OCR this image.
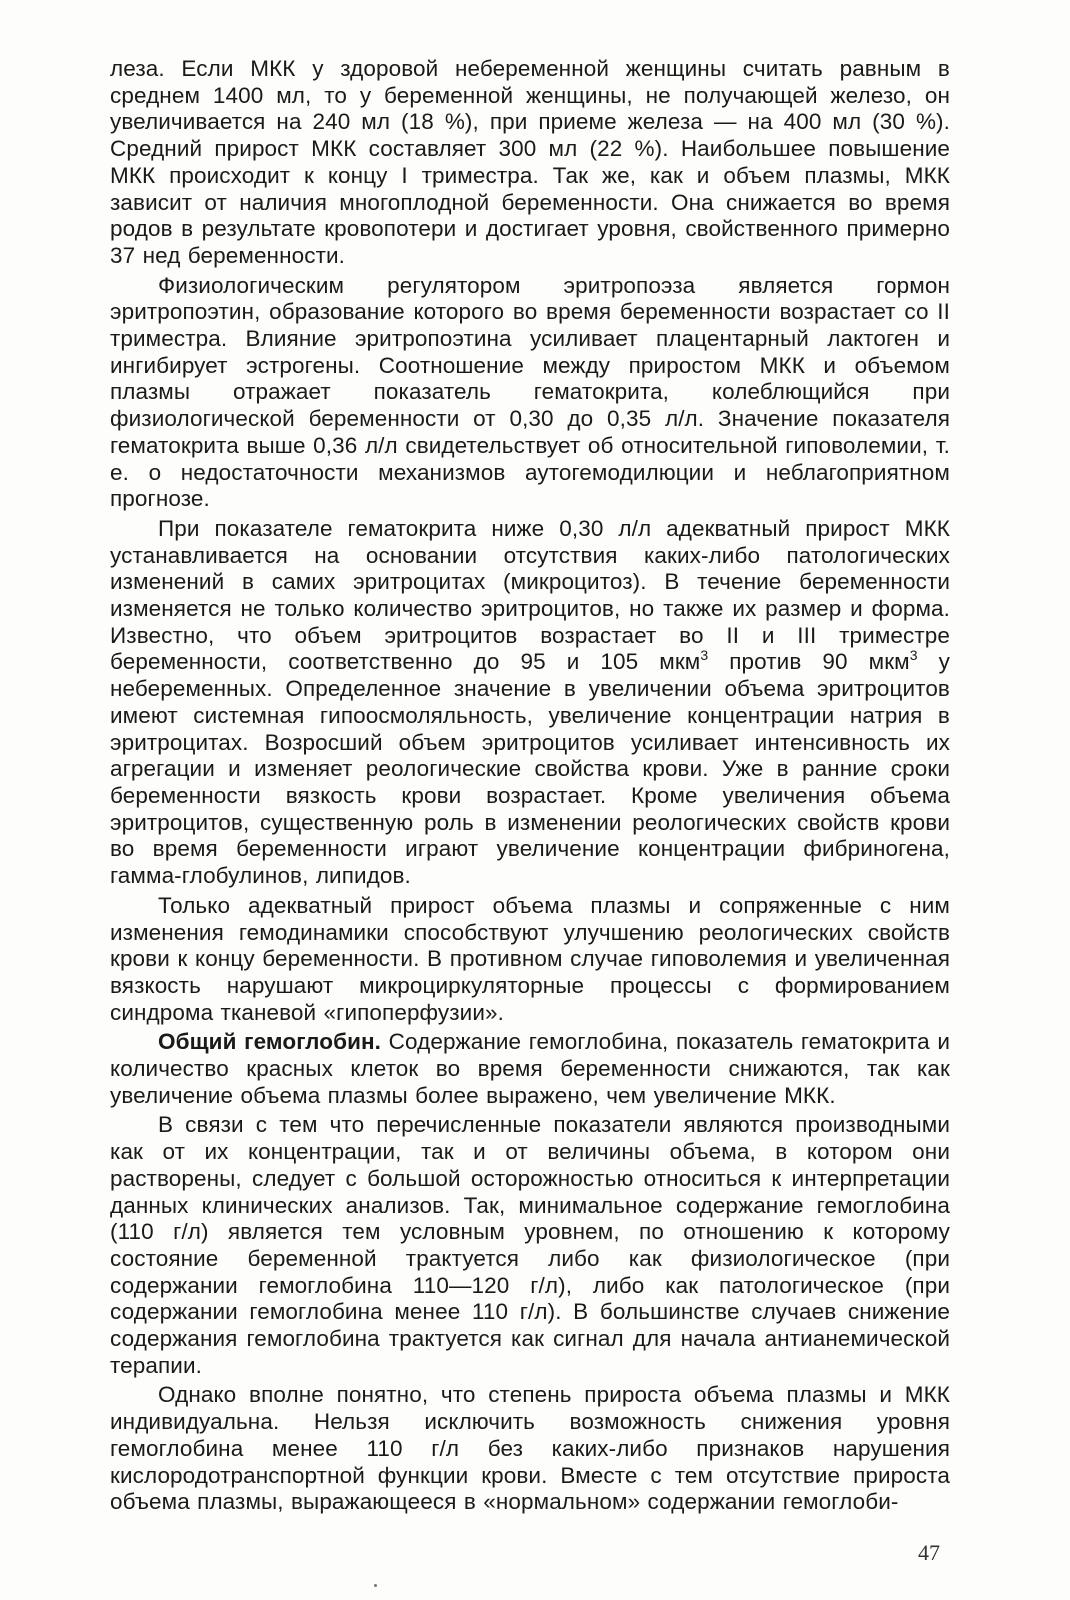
леза. Если МКК у здоровой небеременной женщины считать равным в среднем 1400 мл, то у беременной женщины, не получающей железо, он увеличивается на 240 мл (18 %), при приеме железа — на 400 мл (30 %). Средний прирост МКК составляет 300 мл (22 %). Наибольшее повышение МКК происходит к концу I триместра. Так же, как и объем плазмы, МКК зависит от наличия многоплодной беременности. Она снижается во время родов в результате кровопотери и достигает уровня, свойственного примерно 37 нед беременности.

Физиологическим регулятором эритропоэза является гормон эритропоэтин, образование которого во время беременности возрастает со II триместра. Влияние эритропоэтина усиливает плацентарный лактоген и ингибирует эстрогены. Соотношение между приростом МКК и объемом плазмы отражает показатель гематокрита, колеблющийся при физиологической беременности от 0,30 до 0,35 л/л. Значение показателя гематокрита выше 0,36 л/л свидетельствует об относительной гиповолемии, т. е. о недостаточности механизмов аутогемодилюции и неблагоприятном прогнозе.

При показателе гематокрита ниже 0,30 л/л адекватный прирост МКК устанавливается на основании отсутствия каких-либо патологических изменений в самих эритроцитах (микроцитоз). В течение беременности изменяется не только количество эритроцитов, но также их размер и форма. Известно, что объем эритроцитов возрастает во II и III триместре беременности, соответственно до 95 и 105 мкм$^3$ против 90 мкм$^3$ у небеременных. Определенное значение в увеличении объема эритроцитов имеют системная гипоосмоляльность, увеличение концентрации натрия в эритроцитах. Возросший объем эритроцитов усиливает интенсивность их агрегации и изменяет реологические свойства крови. Уже в ранние сроки беременности вязкость крови возрастает. Кроме увеличения объема эритроцитов, существенную роль в изменении реологических свойств крови во время беременности играют увеличение концентрации фибриногена, гамма-глобулинов, липидов.

Только адекватный прирост объема плазмы и сопряженные с ним изменения гемодинамики способствуют улучшению реологических свойств крови к концу беременности. В противном случае гиповолемия и увеличенная вязкость нарушают микроциркуляторные процессы с формированием синдрома тканевой «гипоперфузии».

Общий гемоглобин. Содержание гемоглобина, показатель гематокрита и количество красных клеток во время беременности снижаются, так как увеличение объема плазмы более выражено, чем увеличение МКК.

В связи с тем что перечисленные показатели являются производными как от их концентрации, так и от величины объема, в котором они растворены, следует с большой осторожностью относиться к интерпретации данных клинических анализов. Так, минимальное содержание гемоглобина (110 г/л) является тем условным уровнем, по отношению к которому состояние беременной трактуется либо как физиологическое (при содержании гемоглобина 110—120 г/л), либо как патологическое (при содержании гемоглобина менее 110 г/л). В большинстве случаев снижение содержания гемоглобина трактуется как сигнал для начала антианемической терапии.

Однако вполне понятно, что степень прироста объема плазмы и МКК индивидуальна. Нельзя исключить возможность снижения уровня гемоглобина менее 110 г/л без каких-либо признаков нарушения кислородотранспортной функции крови. Вместе с тем отсутствие прироста объема плазмы, выражающееся в «нормальном» содержании гемоглоби-

47
